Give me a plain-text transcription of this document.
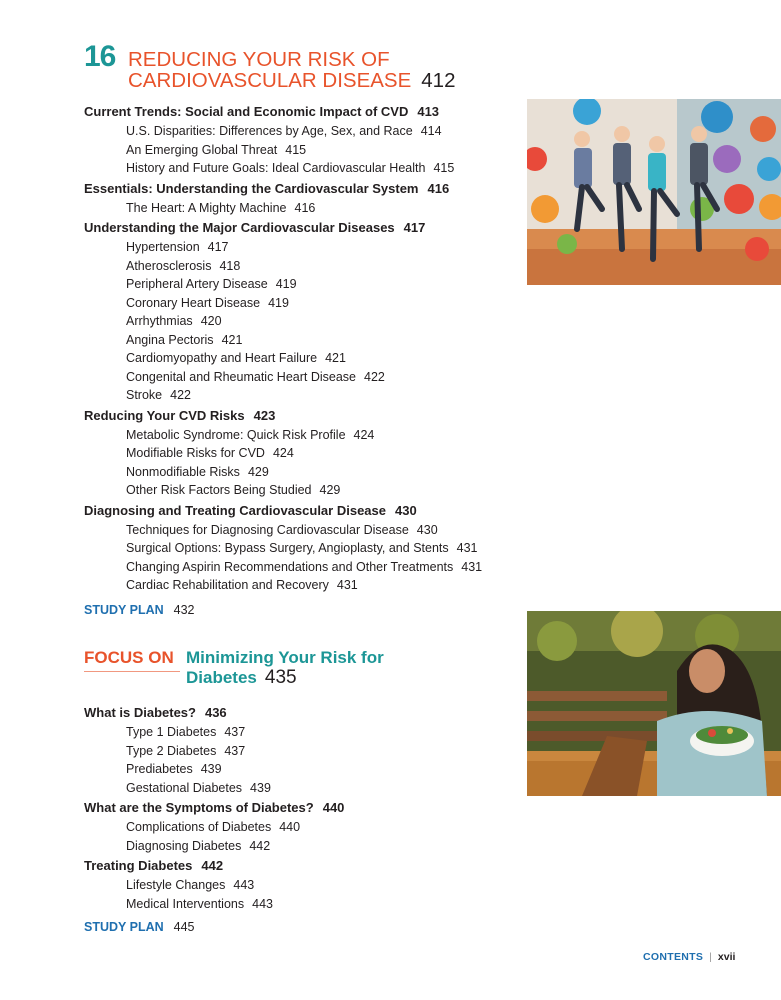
16 REDUCING YOUR RISK OF CARDIOVASCULAR DISEASE 412

Current Trends: Social and Economic Impact of CVD 413

U.S. Disparities: Differences by Age, Sex, and Race 414
An Emerging Global Threat 415
History and Future Goals: Ideal Cardiovascular Health 415

Essentials: Understanding the Cardiovascular System 416

The Heart: A Mighty Machine 416

Understanding the Major Cardiovascular Diseases 417

Hypertension 417
Atherosclerosis 418
Peripheral Artery Disease 419
Coronary Heart Disease 419
Arrhythmias 420
Angina Pectoris 421
Cardiomyopathy and Heart Failure 421
Congenital and Rheumatic Heart Disease 422
Stroke 422

Reducing Your CVD Risks 423

Metabolic Syndrome: Quick Risk Profile 424
Modifiable Risks for CVD 424
Nonmodifiable Risks 429
Other Risk Factors Being Studied 429

Diagnosing and Treating Cardiovascular Disease 430

Techniques for Diagnosing Cardiovascular Disease 430
Surgical Options: Bypass Surgery, Angioplasty, and Stents 431
Changing Aspirin Recommendations and Other Treatments 431
Cardiac Rehabilitation and Recovery 431
STUDY PLAN 432
FOCUS ON Minimizing Your Risk for Diabetes 435

What is Diabetes? 436

Type 1 Diabetes 437
Type 2 Diabetes 437
Prediabetes 439
Gestational Diabetes 439

What are the Symptoms of Diabetes? 440

Complications of Diabetes 440
Diagnosing Diabetes 442

Treating Diabetes 442

Lifestyle Changes 443
Medical Interventions 443
STUDY PLAN 445
CONTENTS | xvii
